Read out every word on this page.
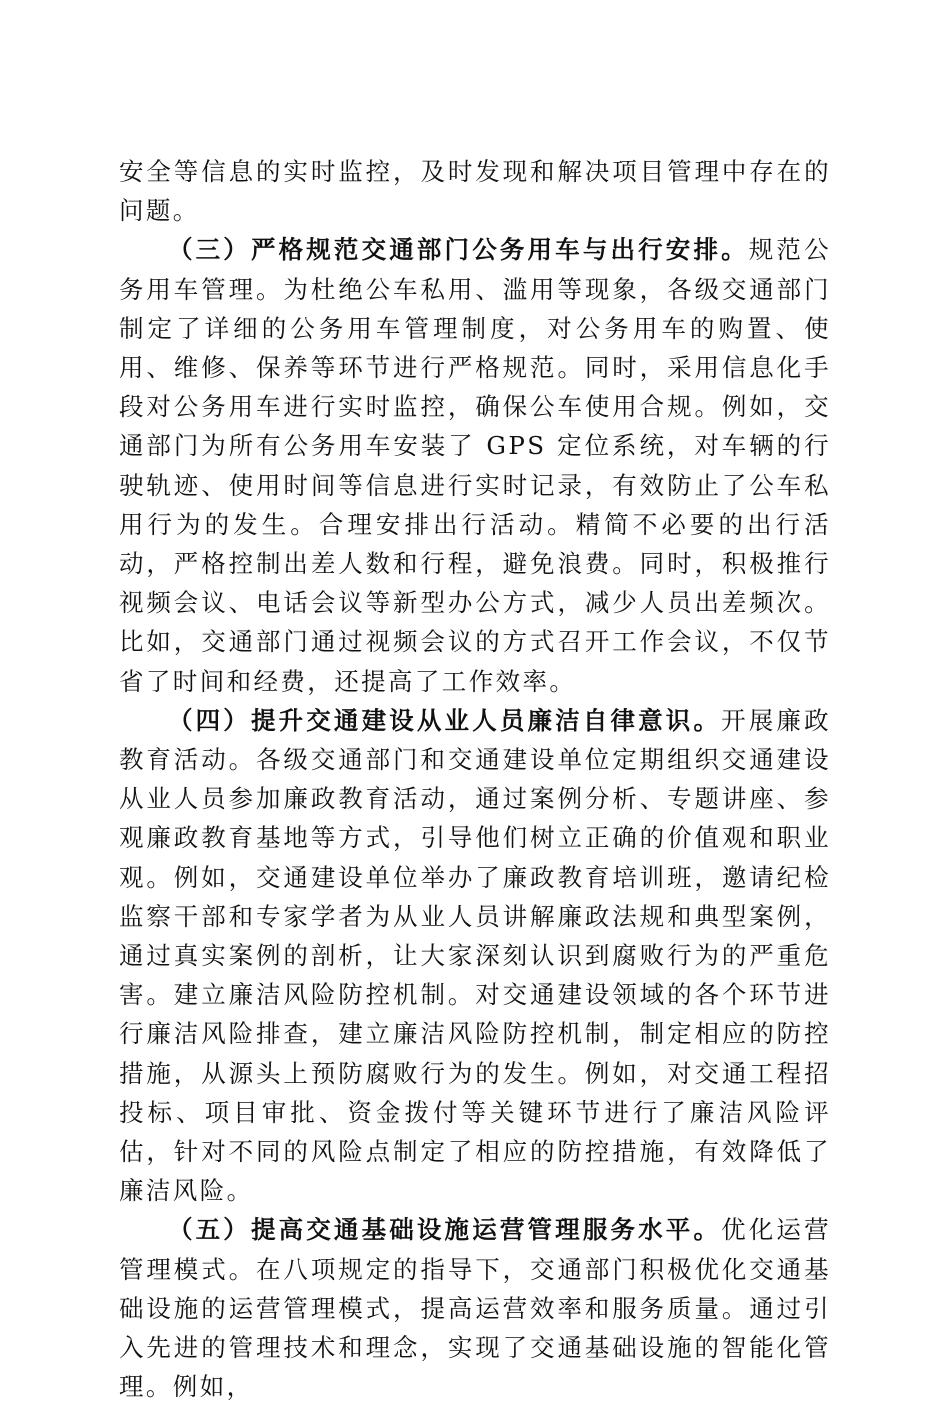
安全等信息的实时监控，及时发现和解决项目管理中存在的问题。

（三）严格规范交通部门公务用车与出行安排。规范公务用车管理。为杜绝公车私用、滥用等现象，各级交通部门制定了详细的公务用车管理制度，对公务用车的购置、使用、维修、保养等环节进行严格规范。同时，采用信息化手段对公务用车进行实时监控，确保公车使用合规。例如，交通部门为所有公务用车安装了 GPS 定位系统，对车辆的行驶轨迹、使用时间等信息进行实时记录，有效防止了公车私用行为的发生。合理安排出行活动。精简不必要的出行活动，严格控制出差人数和行程，避免浪费。同时，积极推行视频会议、电话会议等新型办公方式，减少人员出差频次。比如，交通部门通过视频会议的方式召开工作会议，不仅节省了时间和经费，还提高了工作效率。

（四）提升交通建设从业人员廉洁自律意识。开展廉政教育活动。各级交通部门和交通建设单位定期组织交通建设从业人员参加廉政教育活动，通过案例分析、专题讲座、参观廉政教育基地等方式，引导他们树立正确的价值观和职业观。例如，交通建设单位举办了廉政教育培训班，邀请纪检监察干部和专家学者为从业人员讲解廉政法规和典型案例，通过真实案例的剖析，让大家深刻认识到腐败行为的严重危害。建立廉洁风险防控机制。对交通建设领域的各个环节进行廉洁风险排查，建立廉洁风险防控机制，制定相应的防控措施，从源头上预防腐败行为的发生。例如，对交通工程招投标、项目审批、资金拨付等关键环节进行了廉洁风险评估，针对不同的风险点制定了相应的防控措施，有效降低了廉洁风险。

（五）提高交通基础设施运营管理服务水平。优化运营管理模式。在八项规定的指导下，交通部门积极优化交通基础设施的运营管理模式，提高运营效率和服务质量。通过引入先进的管理技术和理念，实现了交通基础设施的智能化管理。例如，
